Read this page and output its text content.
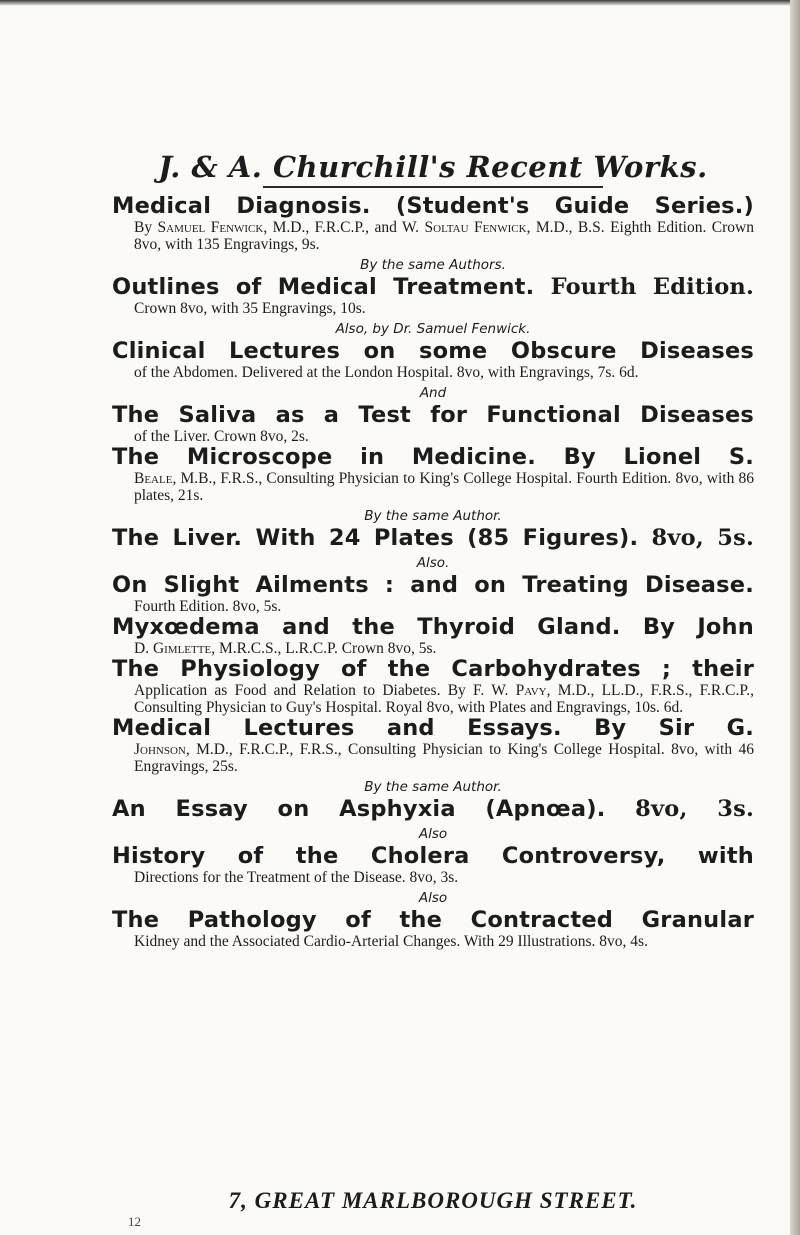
J. & A. Churchill's Recent Works.
Medical Diagnosis. (Student's Guide Series.)
By Samuel Fenwick, M.D., F.R.C.P., and W. Soltau Fenwick, M.D., B.S. Eighth Edition. Crown 8vo, with 135 Engravings, 9s.
By the same Authors.
Outlines of Medical Treatment. Fourth Edition.
Crown 8vo, with 35 Engravings, 10s.
Also, by Dr. Samuel Fenwick.
Clinical Lectures on some Obscure Diseases
of the Abdomen. Delivered at the London Hospital. 8vo, with Engravings, 7s. 6d.
And
The Saliva as a Test for Functional Diseases
of the Liver. Crown 8vo, 2s.
The Microscope in Medicine. By Lionel S.
Beale, M.B., F.R.S., Consulting Physician to King's College Hospital. Fourth Edition. 8vo, with 86 plates, 21s.
By the same Author.
The Liver. With 24 Plates (85 Figures). 8vo, 5s.
Also.
On Slight Ailments : and on Treating Disease.
Fourth Edition. 8vo, 5s.
Myxœdema and the Thyroid Gland. By John
D. Gimlette, M.R.C.S., L.R.C.P. Crown 8vo, 5s.
The Physiology of the Carbohydrates ; their
Application as Food and Relation to Diabetes. By F. W. Pavy, M.D., LL.D., F.R.S., F.R.C.P., Consulting Physician to Guy's Hospital. Royal 8vo, with Plates and Engravings, 10s. 6d.
Medical Lectures and Essays. By Sir G.
Johnson, M.D., F.R.C.P., F.R.S., Consulting Physician to King's College Hospital. 8vo, with 46 Engravings, 25s.
By the same Author.
An Essay on Asphyxia (Apnœa). 8vo, 3s.
Also
History of the Cholera Controversy, with
Directions for the Treatment of the Disease. 8vo, 3s.
Also
The Pathology of the Contracted Granular
Kidney and the Associated Cardio-Arterial Changes. With 29 Illustrations. 8vo, 4s.
7, GREAT MARLBOROUGH STREET.
12
